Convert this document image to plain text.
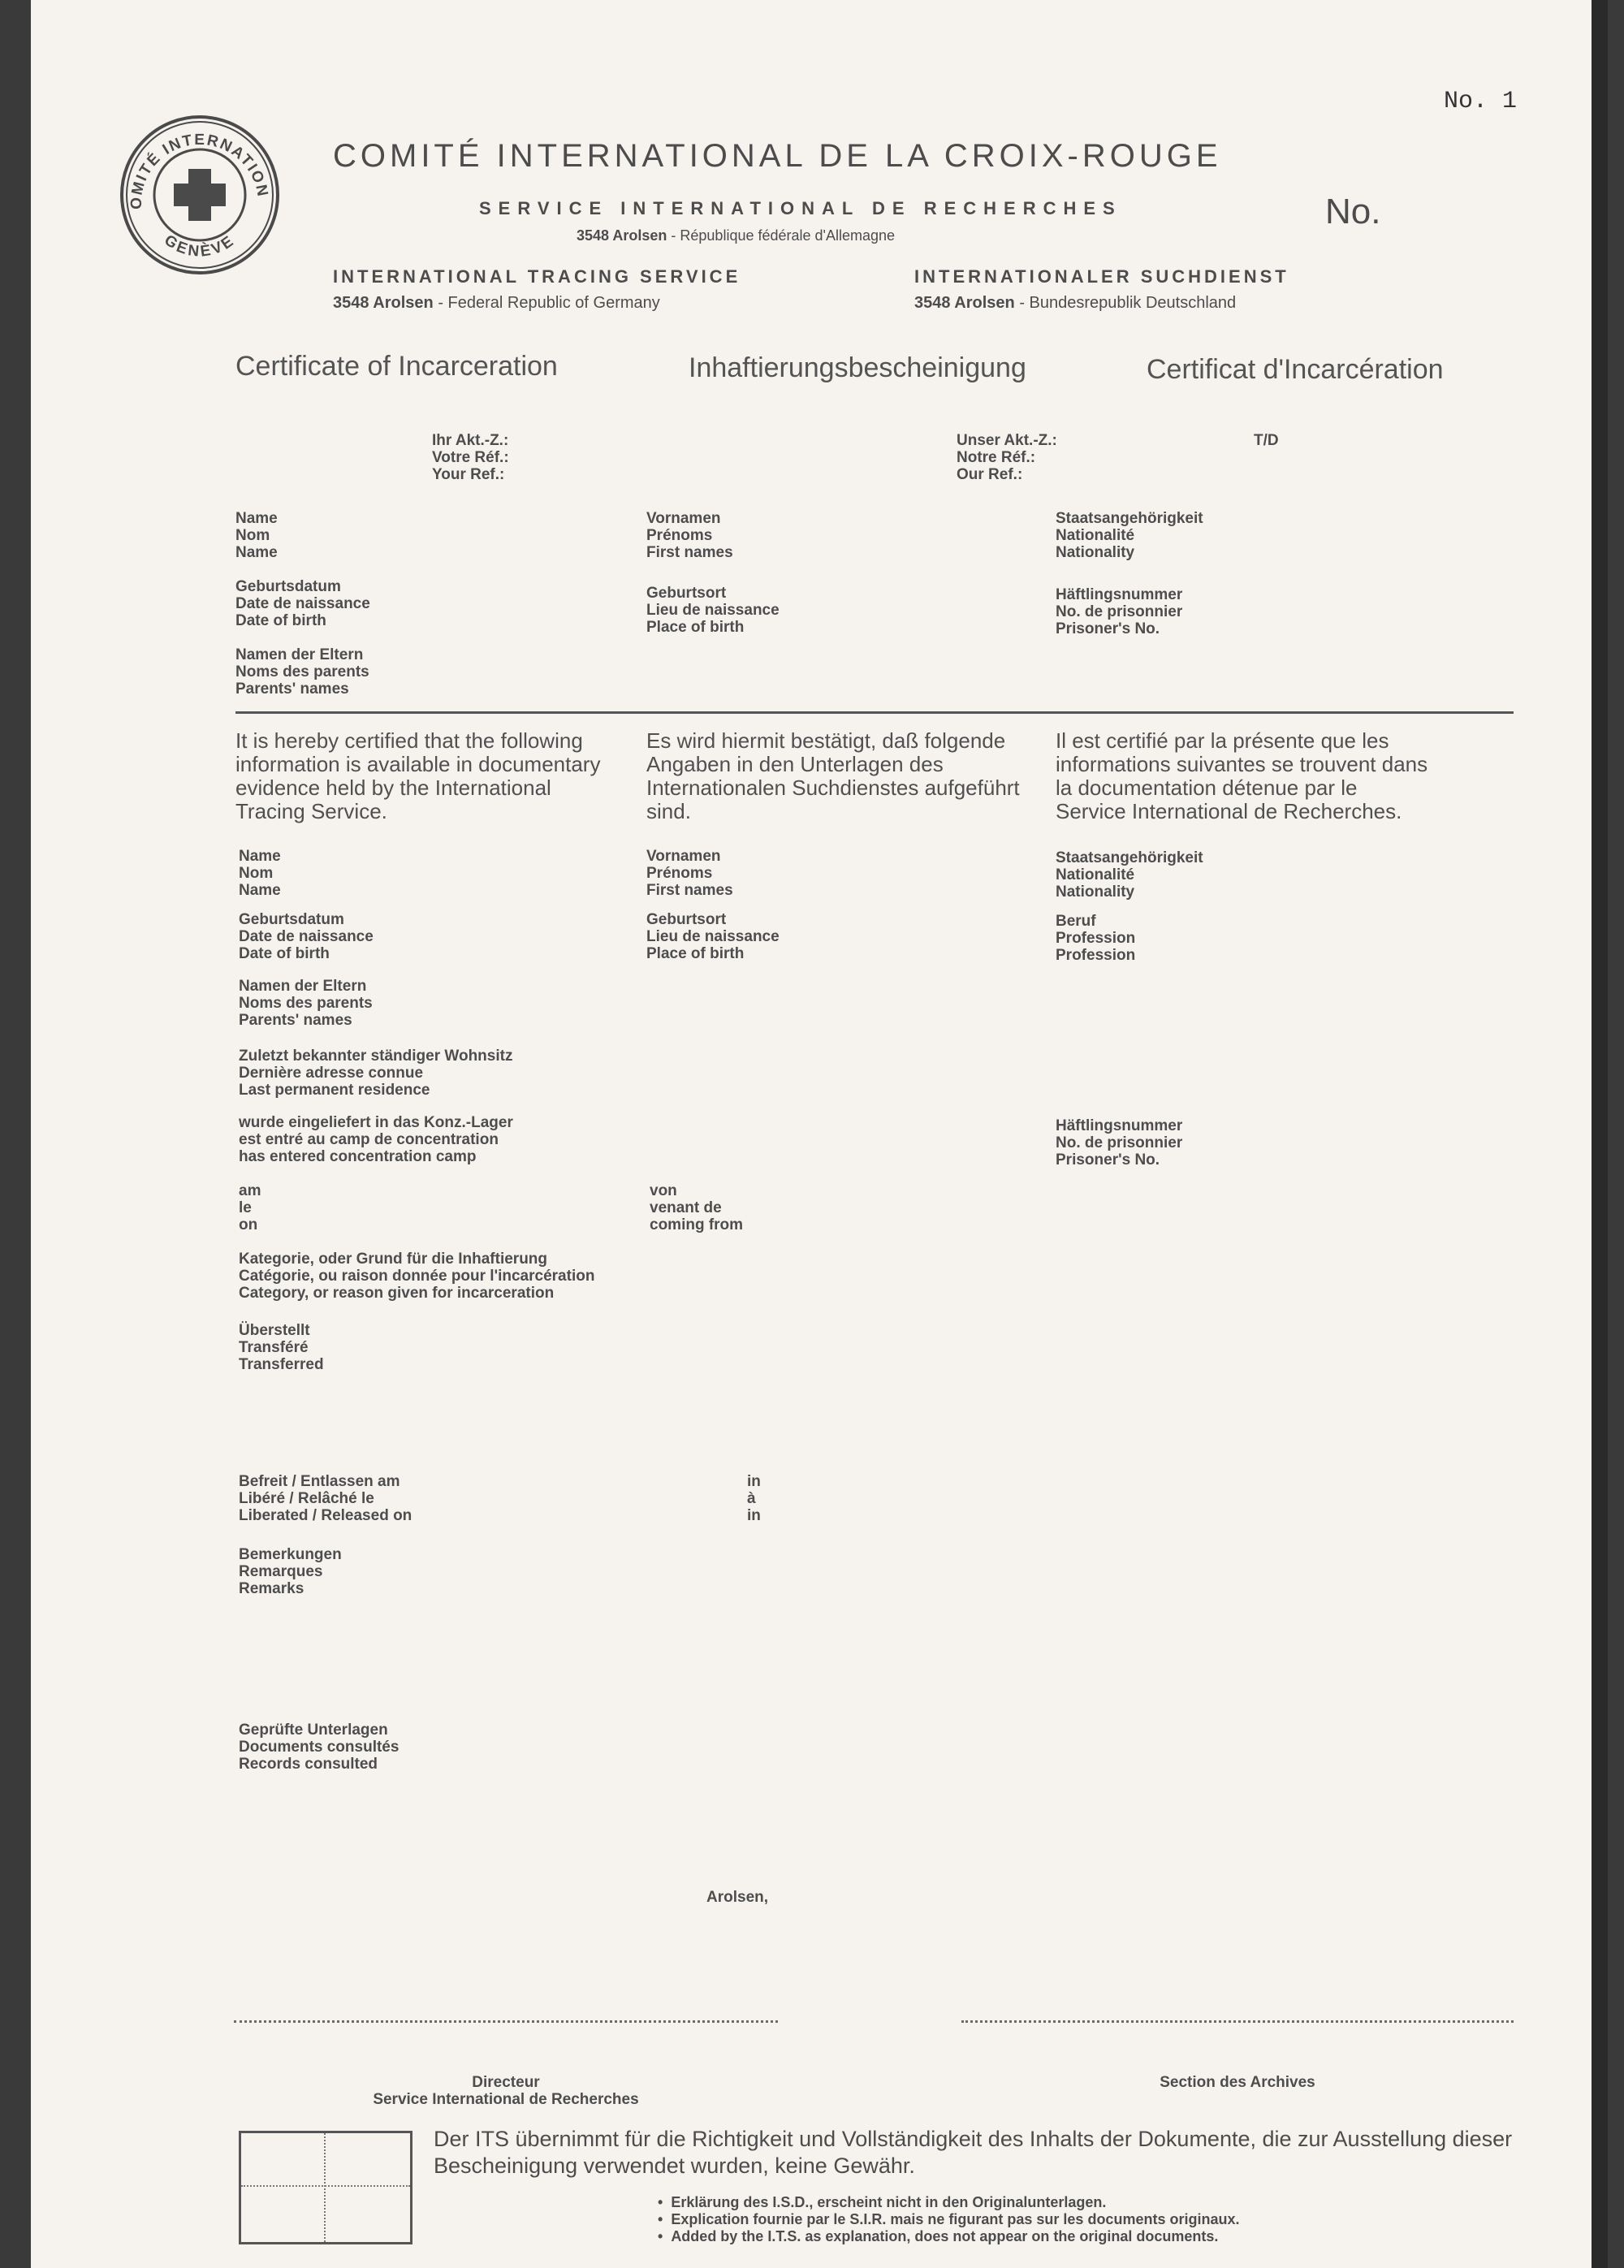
No. 1
OMITÉ INTERNATION
GENÈVE
COMITÉ INTERNATIONAL DE LA CROIX-ROUGE
SERVICE INTERNATIONAL DE RECHERCHES
3548 Arolsen - République fédérale d'Allemagne
No.
INTERNATIONAL TRACING SERVICE
3548 Arolsen - Federal Republic of Germany
INTERNATIONALER SUCHDIENST
3548 Arolsen - Bundesrepublik Deutschland
Certificate of Incarceration	Inhaftierungsbescheinigung	Certificat d'Incarcération
Ihr Akt.-Z.:
Votre Réf.:
Your Ref.:
Unser Akt.-Z.:
Notre Réf.:
Our Ref.:
T/D
Name
Nom
Name
Vornamen
Prénoms
First names
Staatsangehörigkeit
Nationalité
Nationality
Geburtsdatum
Date de naissance
Date of birth
Geburtsort
Lieu de naissance
Place of birth
Häftlingsnummer
No. de prisonnier
Prisoner's No.
Namen der Eltern
Noms des parents
Parents' names
It is hereby certified that the following information is available in documentary evidence held by the International Tracing Service.
Es wird hiermit bestätigt, daß folgende Angaben in den Unterlagen des Internationalen Suchdienstes aufgeführt sind.
Il est certifié par la présente que les informations suivantes se trouvent dans la documentation détenue par le Service International de Recherches.
Name
Nom
Name
Vornamen
Prénoms
First names
Staatsangehörigkeit
Nationalité
Nationality
Geburtsdatum
Date de naissance
Date of birth
Geburtsort
Lieu de naissance
Place of birth
Beruf
Profession
Profession
Namen der Eltern
Noms des parents
Parents' names
Zuletzt bekannter ständiger Wohnsitz
Dernière adresse connue
Last permanent residence
wurde eingeliefert in das Konz.-Lager
est entré au camp de concentration
has entered concentration camp
Häftlingsnummer
No. de prisonnier
Prisoner's No.
am
le
on
von
venant de
coming from
Kategorie, oder Grund für die Inhaftierung
Catégorie, ou raison donnée pour l'incarcération
Category, or reason given for incarceration
Überstellt
Transféré
Transferred
Befreit / Entlassen am
Libéré / Relâché le
Liberated / Released on
in
à
in
Bemerkungen
Remarques
Remarks
Geprüfte Unterlagen
Documents consultés
Records consulted
Arolsen,
Directeur
Service International de Recherches
Section des Archives
Der ITS übernimmt für die Richtigkeit und Vollständigkeit des Inhalts der Dokumente, die zur Ausstellung dieser Bescheinigung verwendet wurden, keine Gewähr.
•  Erklärung des I.S.D., erscheint nicht in den Originalunterlagen.
•  Explication fournie par le S.I.R. mais ne figurant pas sur les documents originaux.
•  Added by the I.T.S. as explanation, does not appear on the original documents.
